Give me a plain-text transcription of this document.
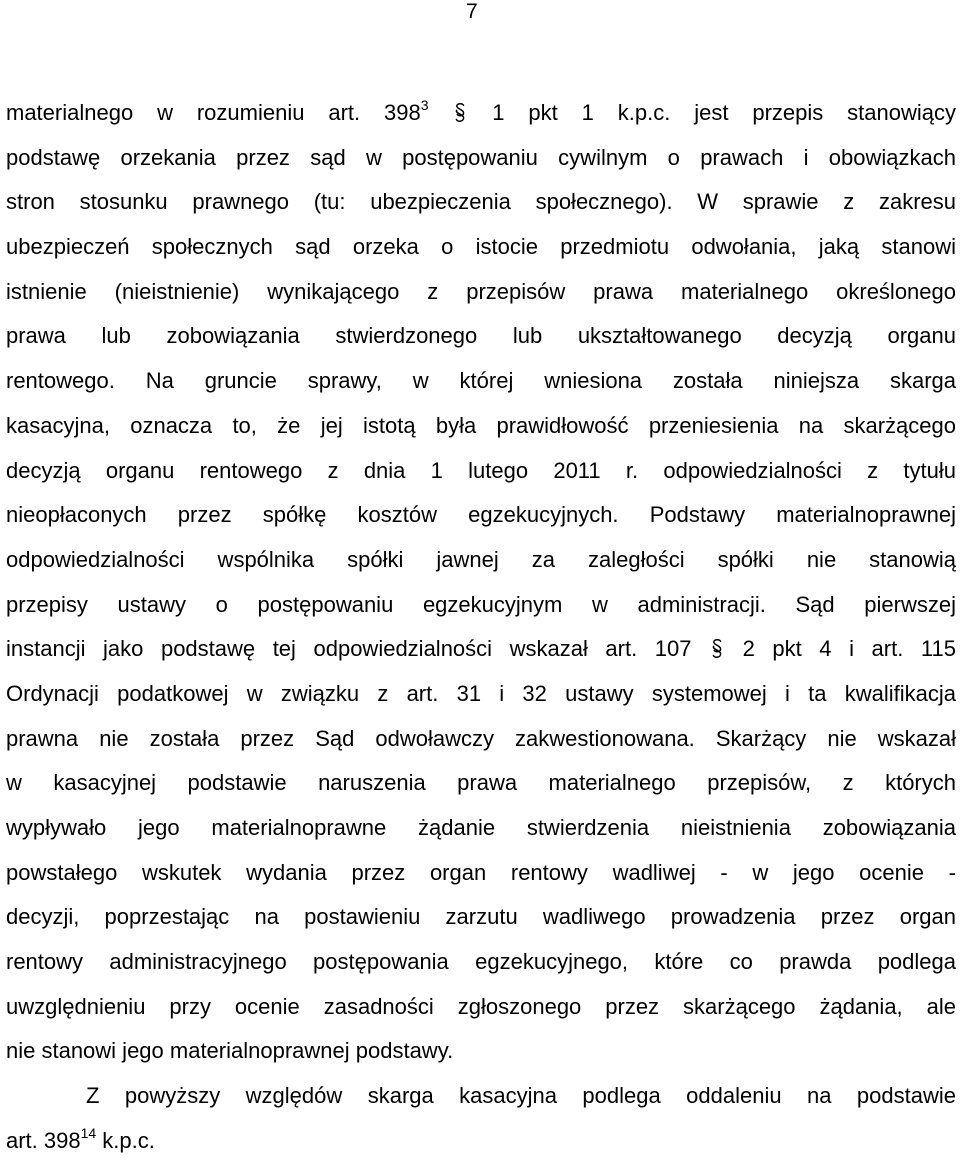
7
materialnego w rozumieniu art. $398^3$	1 pkt 1 k.p.c. jest przepis stanowiący
podstawę orzekania przez sąd w postępowaniu cywilnym o prawach i obowiązkach
stron stosunku prawnego (tu: ubezpieczenia społecznego). W sprawie z zakresu
ubezpieczeń społecznych sąd orzeka o istocie przedmiotu odwołania, jaką stanowi
istnienie (nieistnienie) wynikającego z przepisów prawa materialnego określonego
prawa lub zobowiązania stwierdzonego lub ukształtowanego decyzją organu
rentowego. Na gruncie sprawy, w której wniesiona została niniejsza skarga
kasacyjna, oznacza to, że jej istotą była prawidłowość przeniesienia na skarżącego
decyzją organu rentowego z dnia 1 lutego 2011 r. odpowiedzialności z tytułu
nieopłaconych przez spółkę kosztów egzekucyjnych. Podstawy materialnoprawnej
odpowiedzialności wspólnika spółki jawnej za zaległości spółki nie stanowią
przepisy ustawy o postępowaniu egzekucyjnym w administracji. Sąd pierwszej
instancji jako podstawę tej odpowiedzialności wskazał art. 107 2 pkt 4 i art. 115
Ordynacji podatkowej w związku z art. 31 i 32 ustawy systemowej i ta kwalifikacja
prawna nie została przez Sąd odwoławczy zakwestionowana. Skarżący nie wskazał
w kasacyjnej podstawie naruszenia prawa materialnego przepisów, z których
wypływało jego materialnoprawne żądanie stwierdzenia nieistnienia zobowiązania
powstałego wskutek wydania przez organ rentowy wadliwej - w jego ocenie -
decyzji, poprzestając na postawieniu zarzutu wadliwego prowadzenia przez organ
rentowy administracyjnego postępowania egzekucyjnego, które co prawda podlega
uwzględnieniu przy ocenie zasadności zgłoszonego przez skarżącego żądania, ale
nie stanowi jego materialnoprawnej podstawy.
Z powyższy względów skarga kasacyjna podlega oddaleniu na podstawie
art. $398^{14}$ k.p.c.
